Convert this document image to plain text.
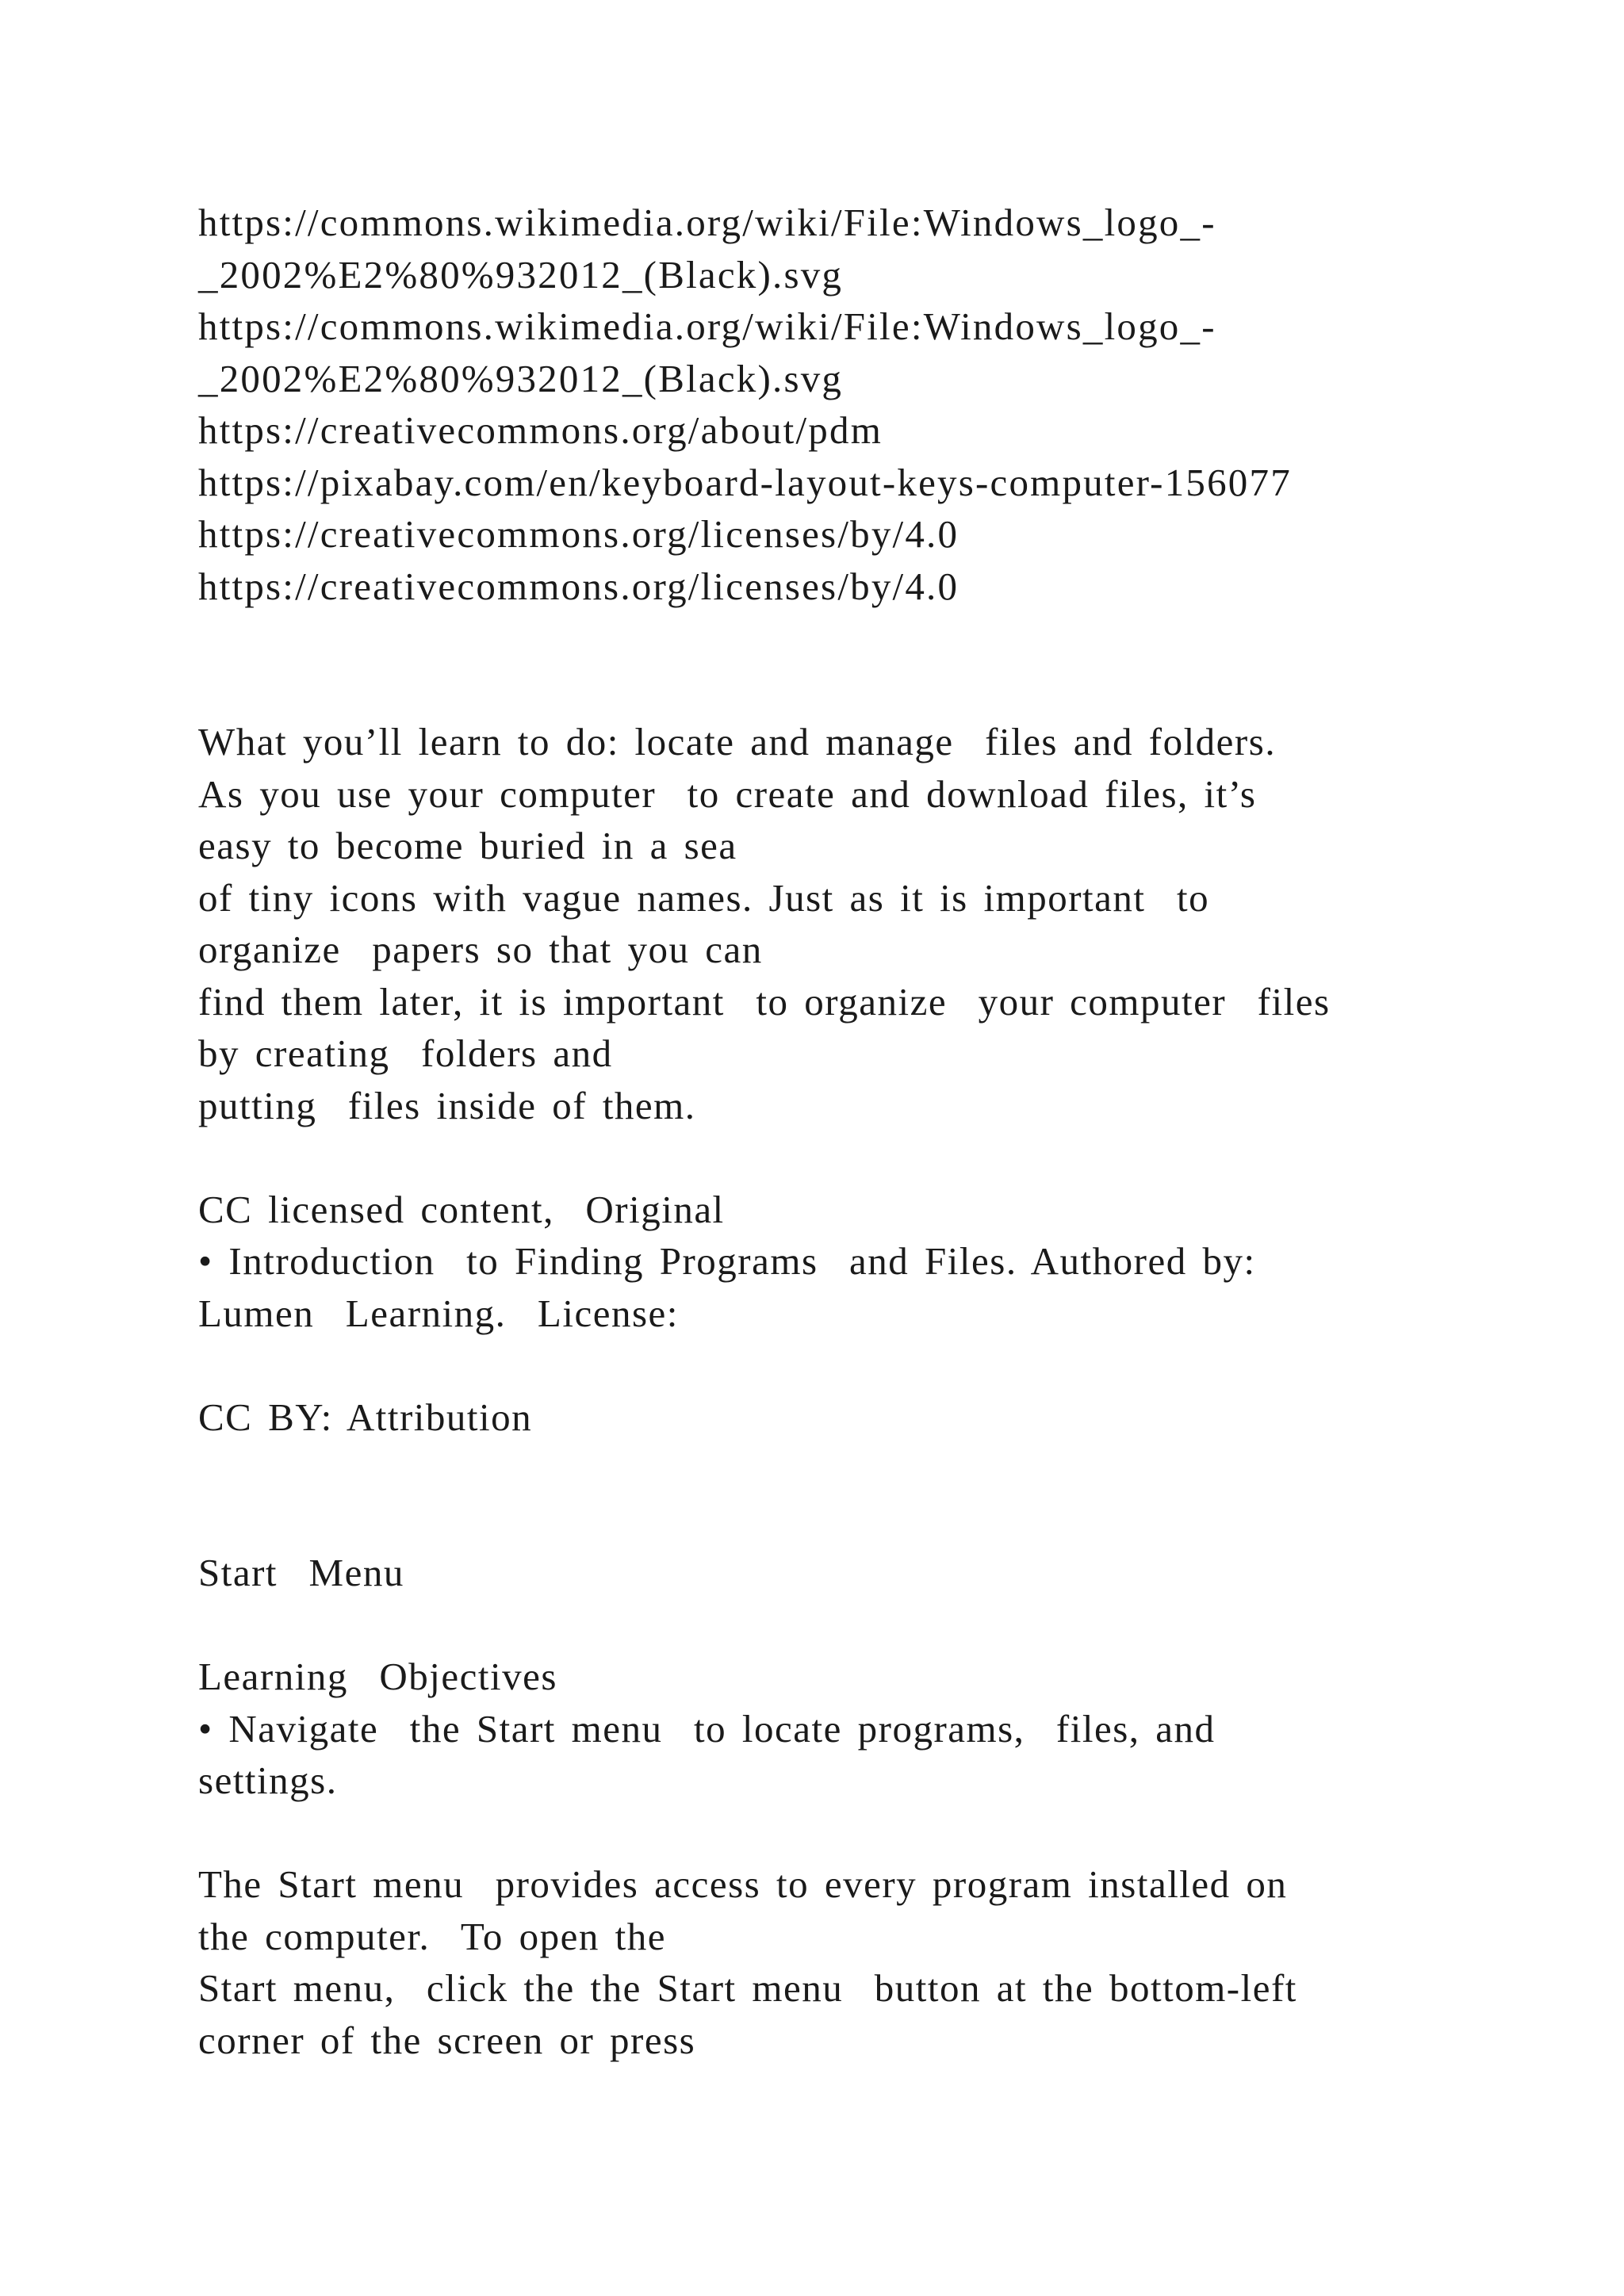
https://commons.wikimedia.org/wiki/File:Windows_logo_-
_2002%E2%80%932012_(Black).svg
https://commons.wikimedia.org/wiki/File:Windows_logo_-
_2002%E2%80%932012_(Black).svg
https://creativecommons.org/about/pdm
https://pixabay.com/en/keyboard-layout-keys-computer-156077
https://creativecommons.org/licenses/by/4.0
https://creativecommons.org/licenses/by/4.0
What you’ll learn to do: locate and manage  files and folders.
As you use your computer  to create and download files, it’s
easy to become buried in a sea
of tiny icons with vague names. Just as it is important  to
organize  papers so that you can
find them later, it is important  to organize  your computer  files
by creating  folders and
putting  files inside of them.
CC licensed content,  Original
• Introduction  to Finding Programs  and Files. Authored by:
Lumen  Learning.  License:
CC BY: Attribution
Start  Menu
Learning  Objectives
• Navigate  the Start menu  to locate programs,  files, and
settings.
The Start menu  provides access to every program installed on
the computer.  To open the
Start menu,  click the the Start menu  button at the bottom-left
corner of the screen or press
